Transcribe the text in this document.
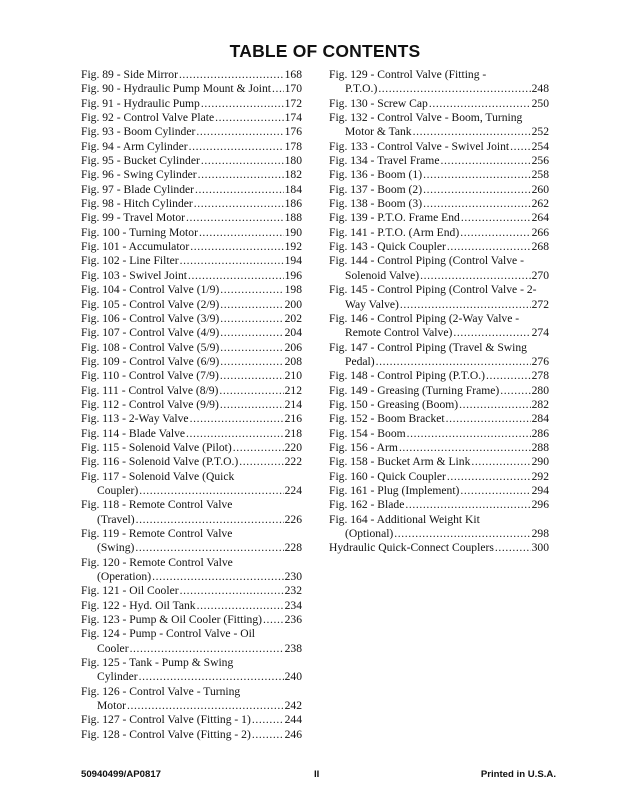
TABLE OF CONTENTS
Fig. 89 - Side Mirror .....	168
Fig. 90 - Hydraulic Pump Mount & Joint ..... 170
Fig. 91 - Hydraulic Pump .....	172
Fig. 92 - Control Valve Plate .....	174
Fig. 93 - Boom Cylinder .....	176
Fig. 94 - Arm Cylinder .....	178
Fig. 95 - Bucket Cylinder .....	180
Fig. 96 - Swing Cylinder .....	182
Fig. 97 - Blade Cylinder .....	184
Fig. 98 - Hitch Cylinder .....	186
Fig. 99 - Travel Motor .....	188
Fig. 100 - Turning Motor .....	190
Fig. 101 - Accumulator .....	192
Fig. 102 - Line Filter .....	194
Fig. 103 - Swivel Joint .....	196
Fig. 104 - Control Valve (1/9) .....	198
Fig. 105 - Control Valve (2/9) .....	200
Fig. 106 - Control Valve (3/9) .....	202
Fig. 107 - Control Valve (4/9) .....	204
Fig. 108 - Control Valve (5/9) .....	206
Fig. 109 - Control Valve (6/9) .....	208
Fig. 110 - Control Valve (7/9) .....	210
Fig. 111 - Control Valve (8/9) .....	212
Fig. 112 - Control Valve (9/9) .....	214
Fig. 113 - 2-Way Valve .....	216
Fig. 114 - Blade Valve .....	218
Fig. 115 - Solenoid Valve (Pilot) .....	220
Fig. 116 - Solenoid Valve (P.T.O.) .....	222
Fig. 117 - Solenoid Valve (Quick
Coupler) .....	224
Fig. 118 - Remote Control Valve
(Travel) .....	226
Fig. 119 - Remote Control Valve
(Swing) .....	228
Fig. 120 - Remote Control Valve
(Operation) .....	230
Fig. 121 - Oil Cooler .....	232
Fig. 122 - Hyd. Oil Tank .....	234
Fig. 123 - Pump & Oil Cooler (Fitting) ..... 236
Fig. 124 - Pump - Control Valve - Oil
Cooler .....	238
Fig. 125 - Tank - Pump & Swing
Cylinder .....	240
Fig. 126 - Control Valve - Turning
Motor .....	242
Fig. 127 - Control Valve (Fitting - 1) .....	244
Fig. 128 - Control Valve (Fitting - 2) .....	246
Fig. 129 - Control Valve (Fitting -
P.T.O.) .....	248
Fig. 130 - Screw Cap .....	250
Fig. 132 - Control Valve - Boom, Turning
Motor & Tank .....	252
Fig. 133 - Control Valve - Swivel Joint ..... 254
Fig. 134 - Travel Frame .....	256
Fig. 136 - Boom (1) .....	258
Fig. 137 - Boom (2) .....	260
Fig. 138 - Boom (3) .....	262
Fig. 139 - P.T.O. Frame End .....	264
Fig. 141 - P.T.O. (Arm End) .....	266
Fig. 143 - Quick Coupler .....	268
Fig. 144 - Control Piping (Control Valve -
Solenoid Valve) .....	270
Fig. 145 - Control Piping (Control Valve - 2-
Way Valve) .....	272
Fig. 146 - Control Piping (2-Way Valve -
Remote Control Valve) .....	274
Fig. 147 - Control Piping (Travel & Swing
Pedal) .....	276
Fig. 148 - Control Piping (P.T.O.) .....	278
Fig. 149 - Greasing (Turning Frame) .....	280
Fig. 150 - Greasing (Boom) .....	282
Fig. 152 - Boom Bracket .....	284
Fig. 154 - Boom .....	286
Fig. 156 - Arm .....	288
Fig. 158 - Bucket Arm & Link .....	290
Fig. 160 - Quick Coupler .....	292
Fig. 161 - Plug (Implement) .....	294
Fig. 162 - Blade .....	296
Fig. 164 - Additional Weight Kit
(Optional) .....	298
Hydraulic Quick-Connect Couplers .....	300
50940499/AP0817	II	Printed in U.S.A.
